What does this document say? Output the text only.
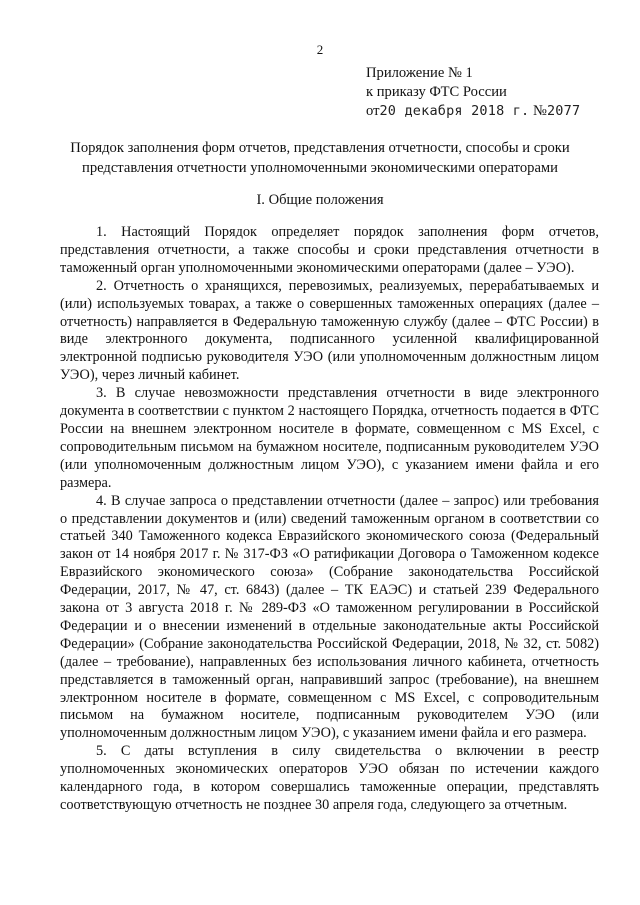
2
Приложение № 1
к приказу ФТС России
от20 декабря 2018 г. №2077
Порядок заполнения форм отчетов, представления отчетности, способы и сроки представления отчетности уполномоченными экономическими операторами
I. Общие положения

1. Настоящий Порядок определяет порядок заполнения форм отчетов, представления отчетности, а также способы и сроки представления отчетности в таможенный орган уполномоченными экономическими операторами (далее – УЭО).

2. Отчетность о хранящихся, перевозимых, реализуемых, перерабатываемых и (или) используемых товарах, а также о совершенных таможенных операциях (далее – отчетность) направляется в Федеральную таможенную службу (далее – ФТС России) в виде электронного документа, подписанного усиленной квалифицированной электронной подписью руководителя УЭО (или уполномоченным должностным лицом УЭО), через личный кабинет.

3. В случае невозможности представления отчетности в виде электронного документа в соответствии с пунктом 2 настоящего Порядка, отчетность подается в ФТС России на внешнем электронном носителе в формате, совмещенном с MS Excel, с сопроводительным письмом на бумажном носителе, подписанным руководителем УЭО (или уполномоченным должностным лицом УЭО), с указанием имени файла и его размера.

4. В случае запроса о представлении отчетности (далее – запрос) или требования о представлении документов и (или) сведений таможенным органом в соответствии со статьей 340 Таможенного кодекса Евразийского экономического союза (Федеральный закон от 14 ноября 2017 г. № 317-ФЗ «О ратификации Договора о Таможенном кодексе Евразийского экономического союза» (Собрание законодательства Российской Федерации, 2017, № 47, ст. 6843) (далее – ТК ЕАЭС) и статьей 239 Федерального закона от 3 августа 2018 г. № 289-ФЗ «О таможенном регулировании в Российской Федерации и о внесении изменений в отдельные законодательные акты Российской Федерации» (Собрание законодательства Российской Федерации, 2018, № 32, ст. 5082) (далее – требование), направленных без использования личного кабинета, отчетность представляется в таможенный орган, направивший запрос (требование), на внешнем электронном носителе в формате, совмещенном с MS Excel, с сопроводительным письмом на бумажном носителе, подписанным руководителем УЭО (или уполномоченным должностным лицом УЭО), с указанием имени файла и его размера.

5. С даты вступления в силу свидетельства о включении в реестр уполномоченных экономических операторов УЭО обязан по истечении каждого календарного года, в котором совершались таможенные операции, представлять соответствующую отчетность не позднее 30 апреля года, следующего за отчетным.
